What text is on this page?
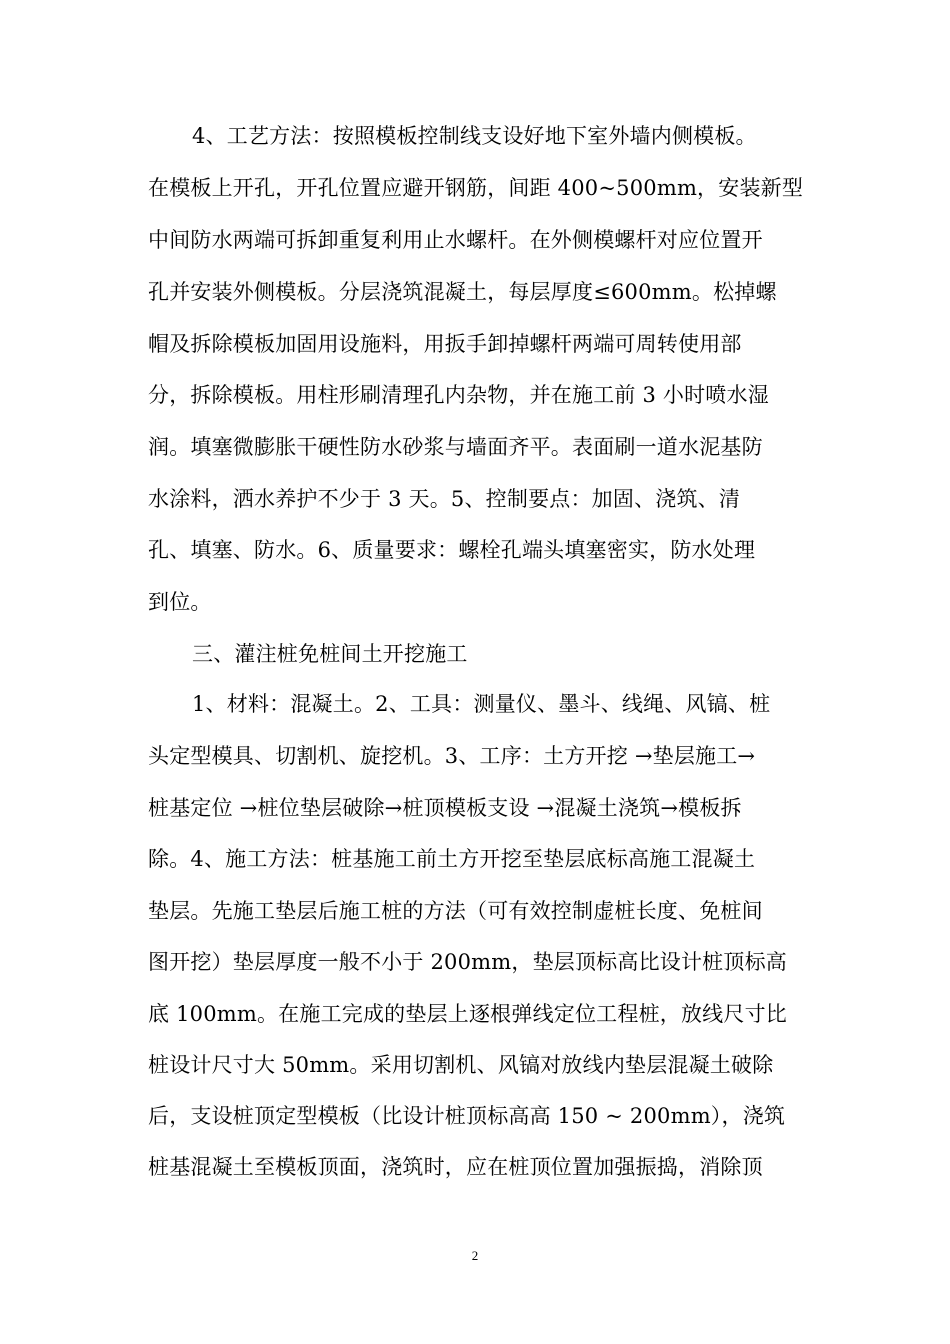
4、工艺方法：按照模板控制线支设好地下室外墙内侧模板。
在模板上开孔，开孔位置应避开钢筋，间距 400~500mm，安装新型
中间防水两端可拆卸重复利用止水螺杆。在外侧模螺杆对应位置开
孔并安装外侧模板。分层浇筑混凝土，每层厚度≤600mm。松掉螺
帽及拆除模板加固用设施料，用扳手卸掉螺杆两端可周转使用部
分，拆除模板。用柱形刷清理孔内杂物，并在施工前 3 小时喷水湿
润。填塞微膨胀干硬性防水砂浆与墙面齐平。表面刷一道水泥基防
水涂料，洒水养护不少于 3 天。5、控制要点：加固、浇筑、清
孔、填塞、防水。6、质量要求：螺栓孔端头填塞密实，防水处理
到位。
三、灌注桩免桩间土开挖施工
1、材料：混凝土。2、工具：测量仪、墨斗、线绳、风镐、桩
头定型模具、切割机、旋挖机。3、工序：土方开挖 →垫层施工→
桩基定位 →桩位垫层破除→桩顶模板支设 →混凝土浇筑→模板拆
除。4、施工方法：桩基施工前土方开挖至垫层底标高施工混凝土
垫层。先施工垫层后施工桩的方法（可有效控制虚桩长度、免桩间
图开挖）垫层厚度一般不小于 200mm，垫层顶标高比设计桩顶标高
底 100mm。在施工完成的垫层上逐根弹线定位工程桩，放线尺寸比
桩设计尺寸大 50mm。采用切割机、风镐对放线内垫层混凝土破除
后，支设桩顶定型模板（比设计桩顶标高高 150 ~ 200mm），浇筑
桩基混凝土至模板顶面，浇筑时，应在桩顶位置加强振捣，消除顶
2
